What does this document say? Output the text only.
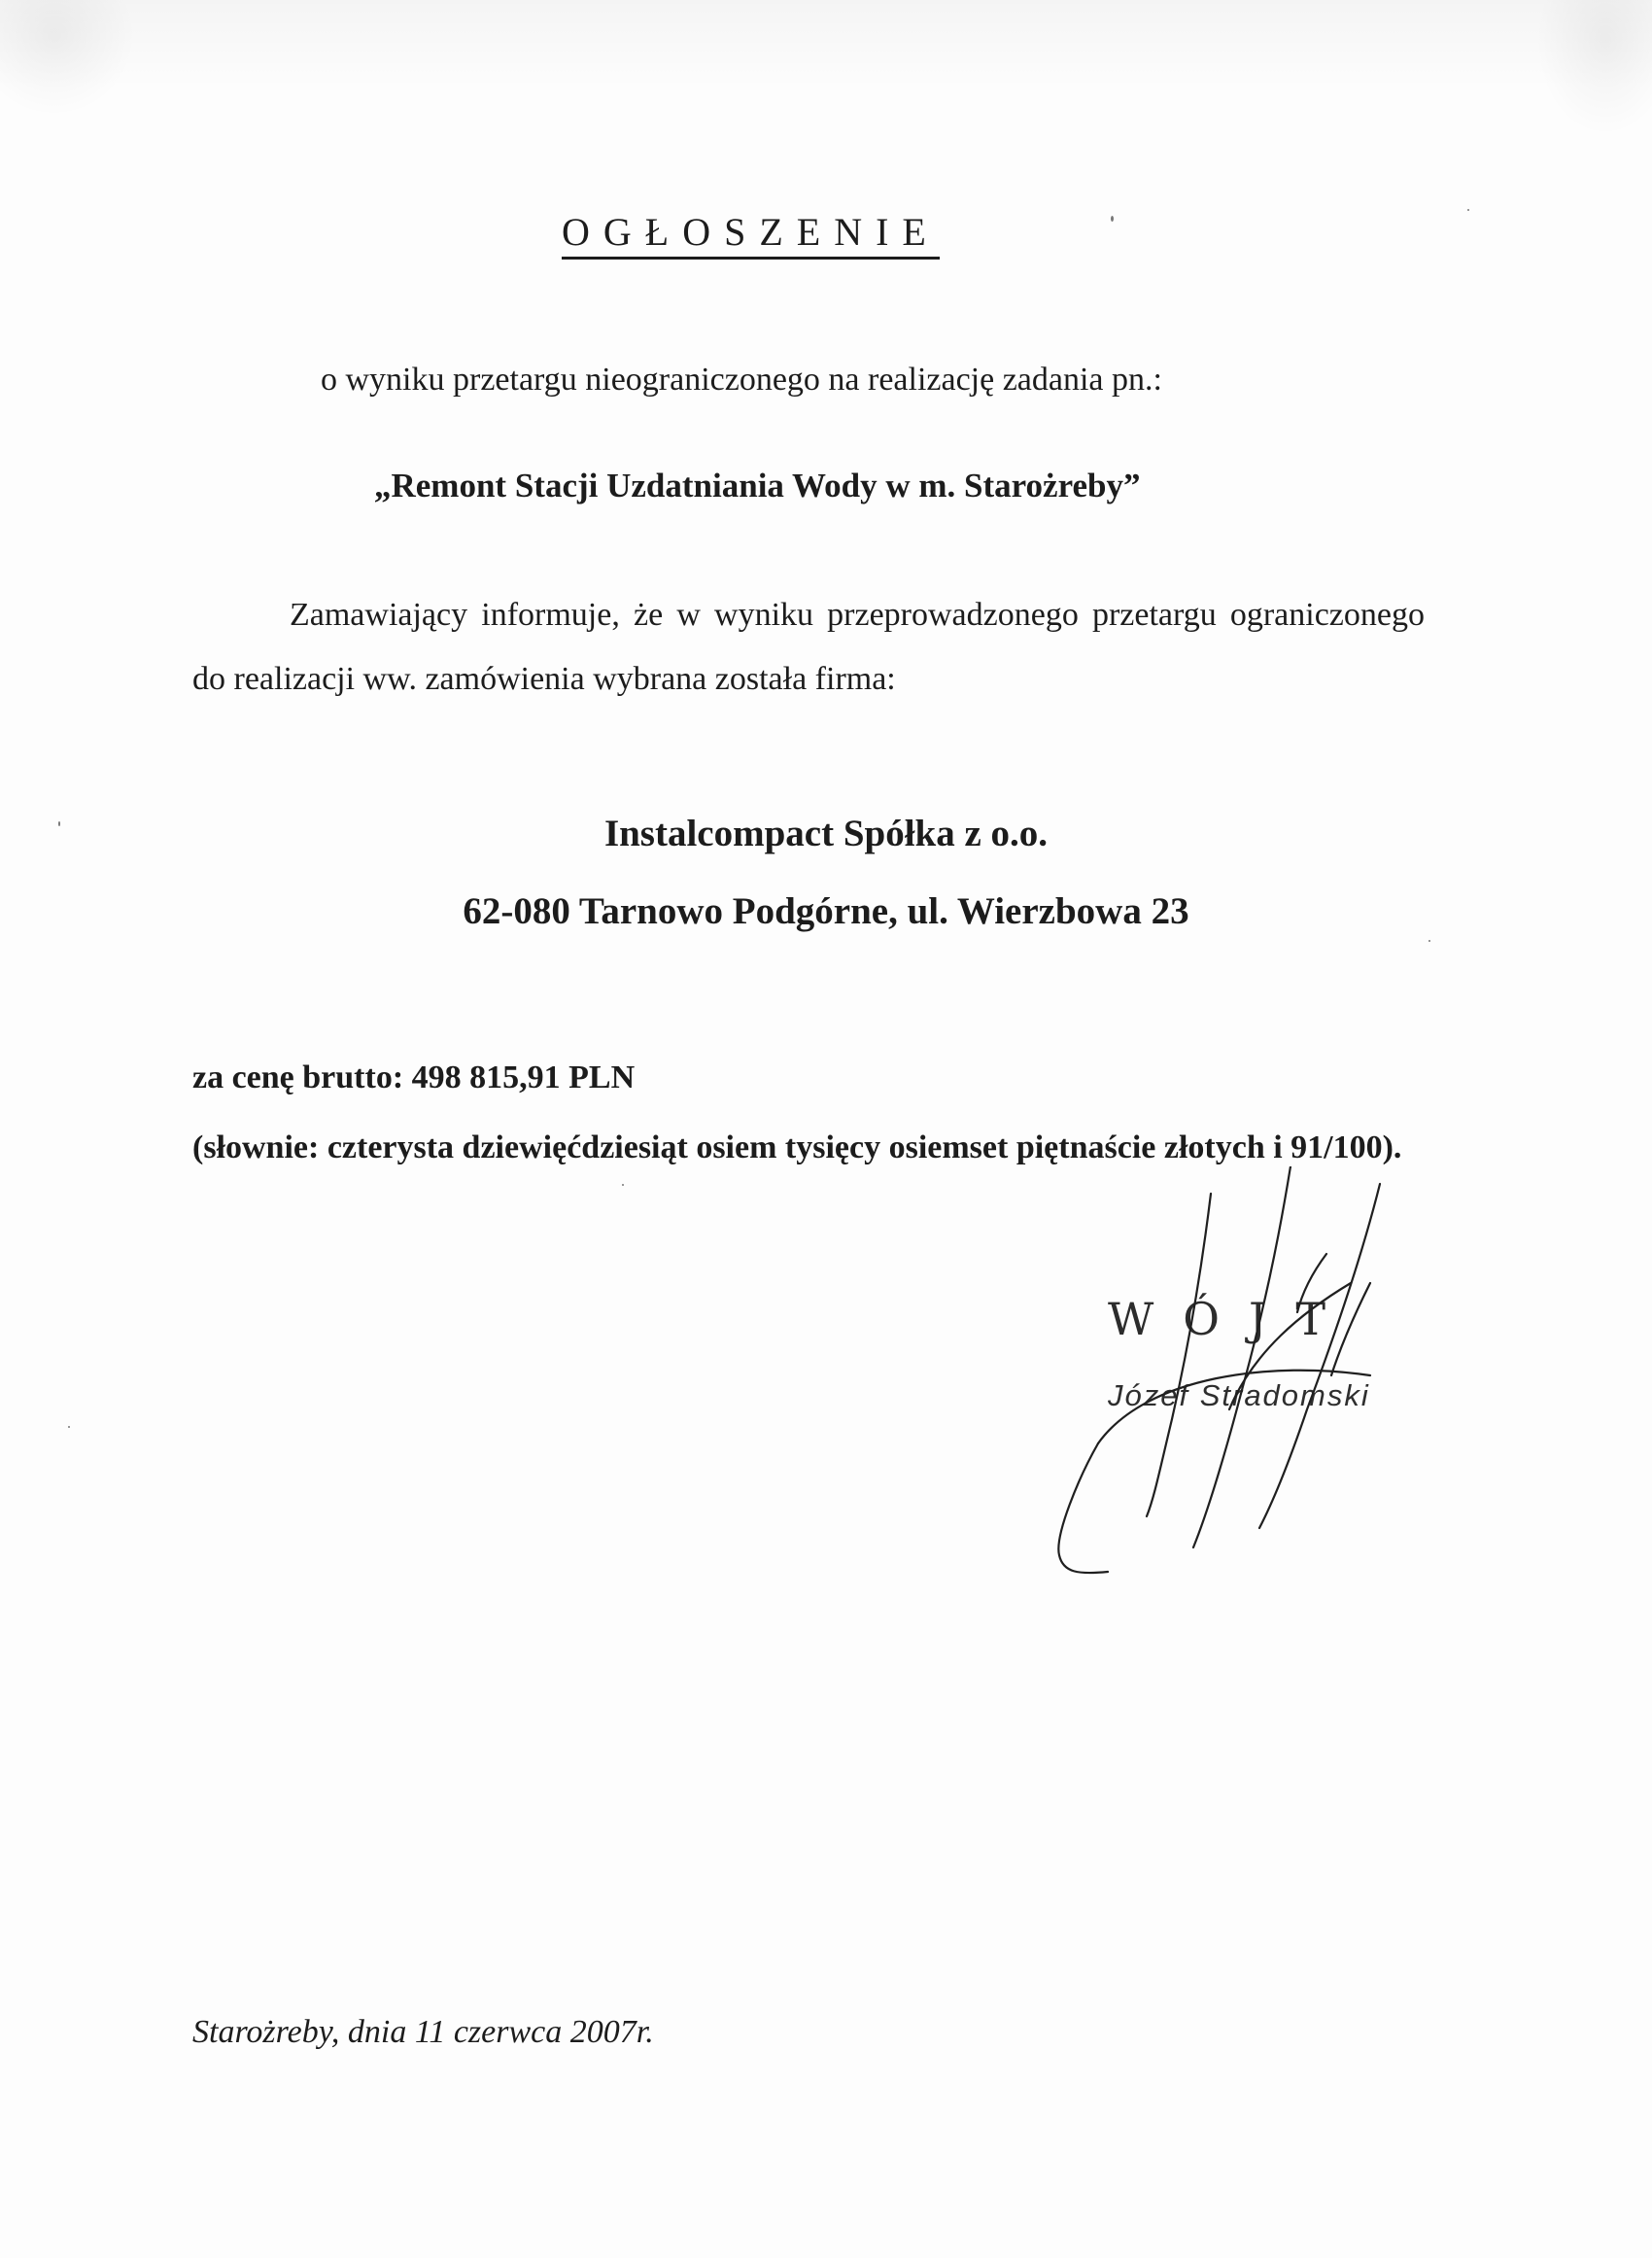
OGŁOSZENIE
o wyniku przetargu nieograniczonego na realizację zadania pn.:
„Remont Stacji Uzdatniania Wody w m. Starożreby”
Zamawiający informuje, że w wyniku przeprowadzonego przetargu ograniczonego do realizacji ww. zamówienia wybrana została firma:
Instalcompact Spółka z o.o.
62-080 Tarnowo Podgórne, ul. Wierzbowa 23
za cenę brutto: 498 815,91 PLN
(słownie: czterysta dziewięćdziesiąt osiem tysięcy osiemset piętnaście złotych i 91/100).
WÓJT
Józef Stradomski
Starożreby, dnia 11 czerwca 2007r.
